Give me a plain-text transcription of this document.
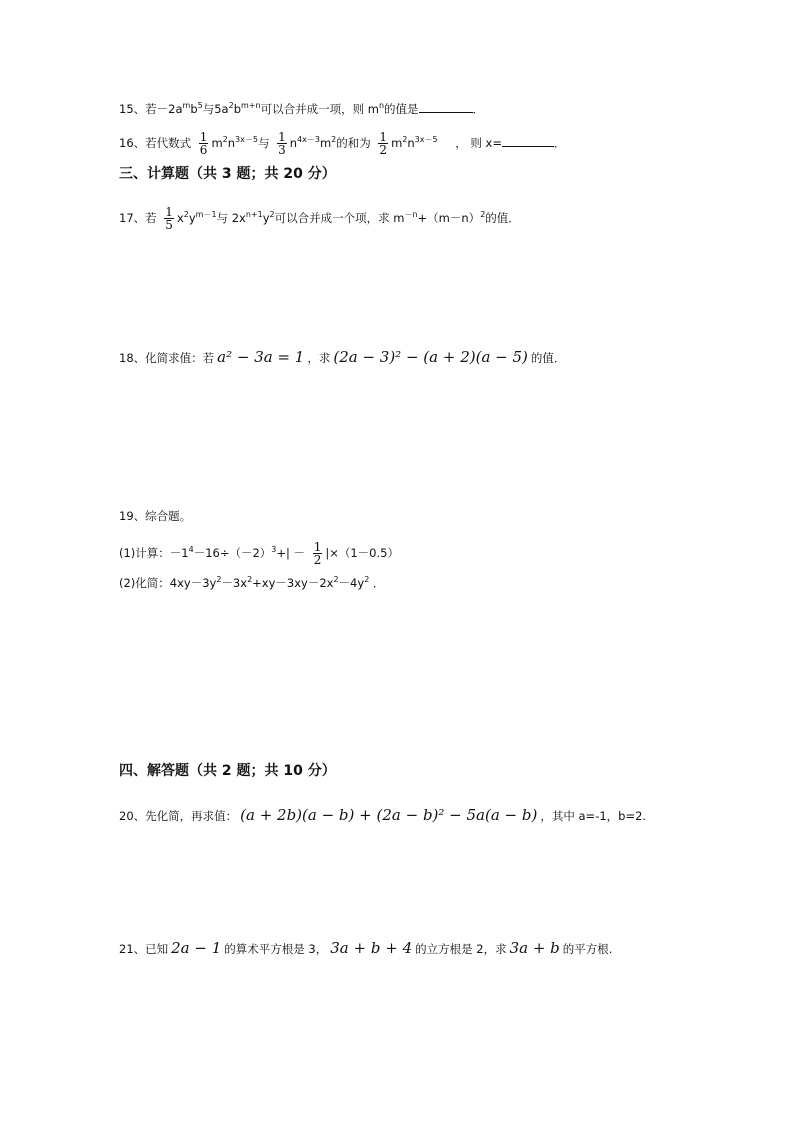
15、若$-2a^mb^5$与$5a^2b^{m+n}$可以合并成一项，则 $m^n$的值是	．
16、若代数式 $\frac{1}{6} m^2n^{3x-5}$与 $\frac{1}{3} n^{4x-3}m^2$的和为 $\frac{1}{2} m^2n^{3x-5}$ ， 则 x=	．
三、计算题（共 3 题；共 20 分）
17、若 $\frac{1}{5} x^2y^{m-1}$与 $2x^{n+1}y^2$可以合并成一个项，求 $m^{-n}+(m-n)^2$的值．
18、化简求值：若 a² − 3a = 1 ，求 (2a − 3)² − (a + 2)(a − 5) 的值．
19、综合题。
(1)计算：$-1^4-16\div(-2)^3+| - \frac{1}{2} |\times(1-0.5)$
(2)化简：$4xy-3y^2-3x^2+xy-3xy-2x^2-4y^2$ ．
四、解答题（共 2 题；共 10 分）
20、先化简，再求值： (a + 2b)(a − b) + (2a − b)² − 5a(a − b) ，其中 a=-1，b=2.
21、已知 2a − 1 的算术平方根是 3， 3a + b + 4 的立方根是 2，求 3a + b 的平方根.
